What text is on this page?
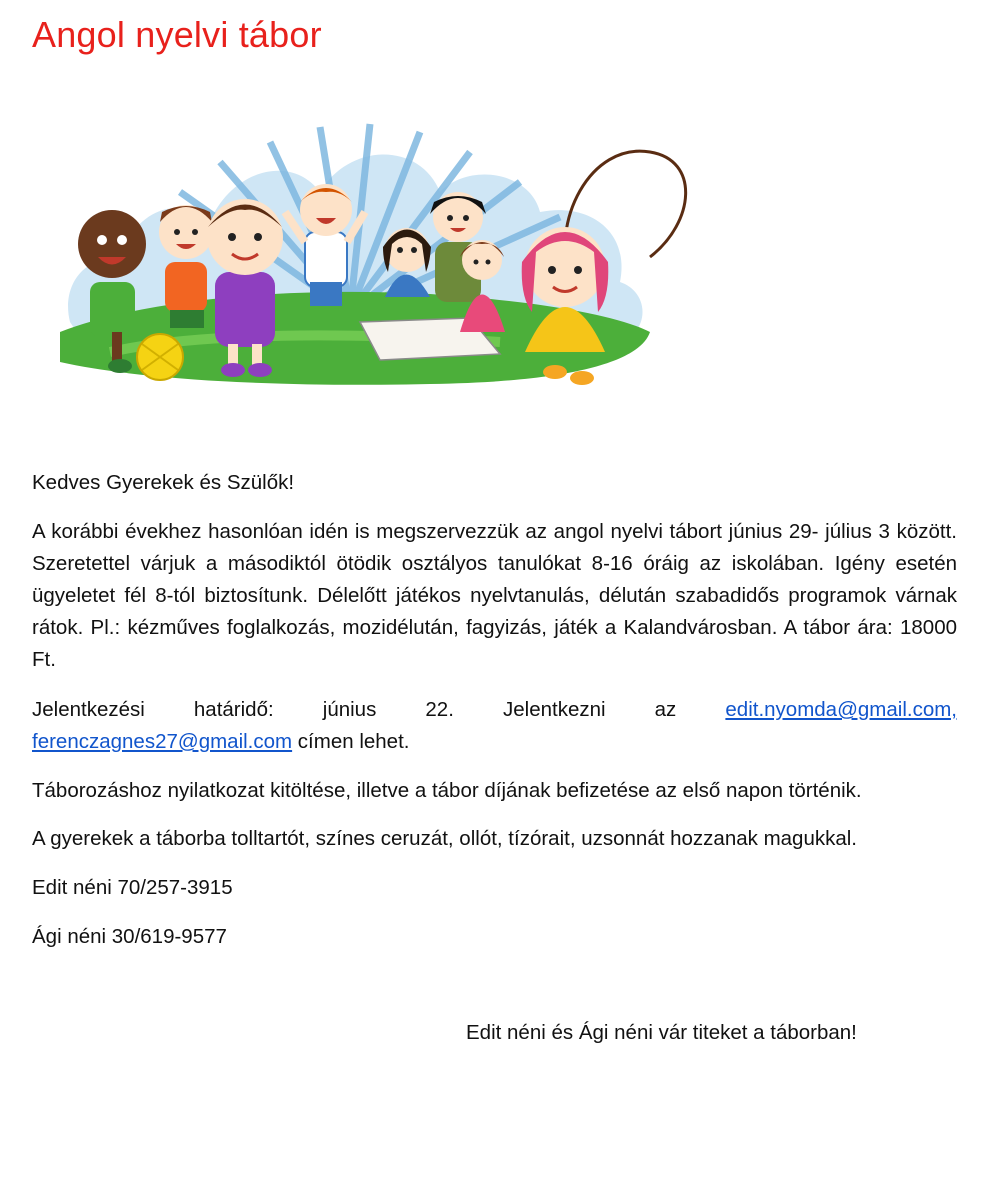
Angol nyelvi tábor
Kedves Gyerekek és Szülők!
A korábbi évekhez hasonlóan idén is megszervezzük az angol nyelvi tábort június 29- július 3 között. Szeretettel várjuk a másodiktól ötödik osztályos tanulókat 8-16 óráig az iskolában. Igény esetén ügyeletet fél 8-tól biztosítunk. Délelőtt játékos nyelvtanulás, délután szabadidős programok várnak rátok. Pl.: kézműves foglalkozás, mozidélután, fagyizás, játék a Kalandvárosban. A tábor ára: 18000 Ft.
Jelentkezési határidő: június 22. Jelentkezni az edit.nyomda@gmail.com,
ferenczagnes27@gmail.com címen lehet.
Táborozáshoz nyilatkozat kitöltése, illetve a tábor díjának befizetése az első napon történik.
A gyerekek a táborba tolltartót, színes ceruzát, ollót, tízórait, uzsonnát hozzanak magukkal.
Edit néni 70/257-3915
Ági néni 30/619-9577
Edit néni és Ági néni vár titeket a táborban!
